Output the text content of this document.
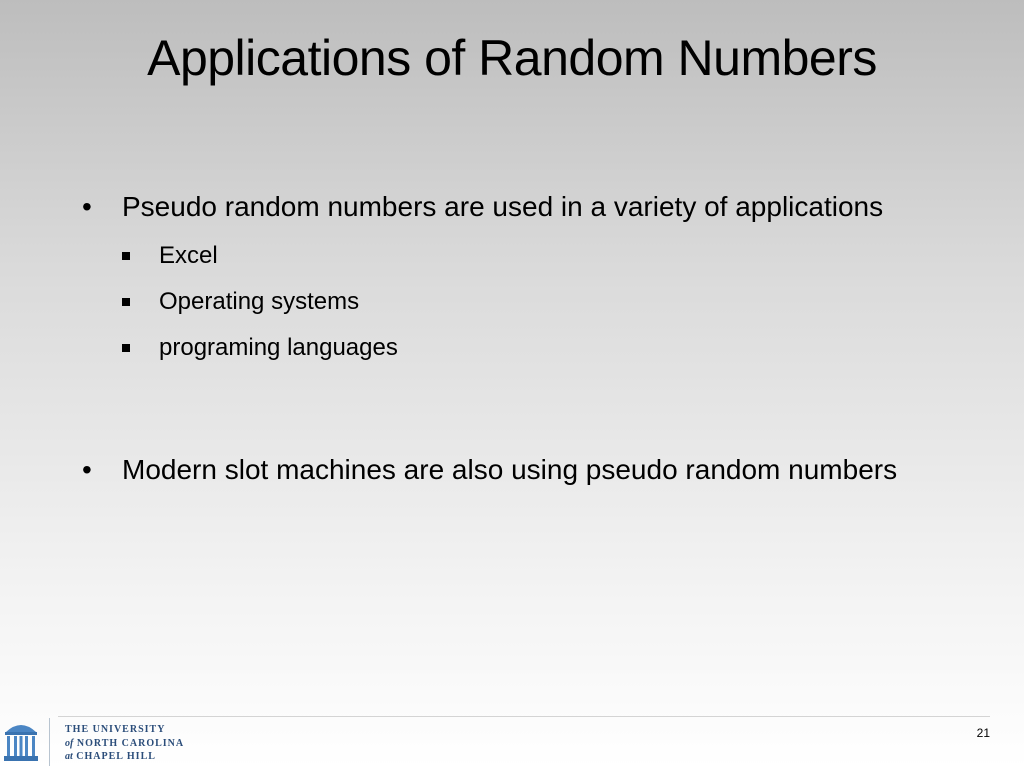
Applications of Random Numbers
•	Pseudo random numbers are used in a variety of applications
Excel
Operating systems
programing languages
•	Modern slot machines are also using pseudo random numbers
THE UNIVERSITY
of NORTH CAROLINA
at CHAPEL HILL
21
